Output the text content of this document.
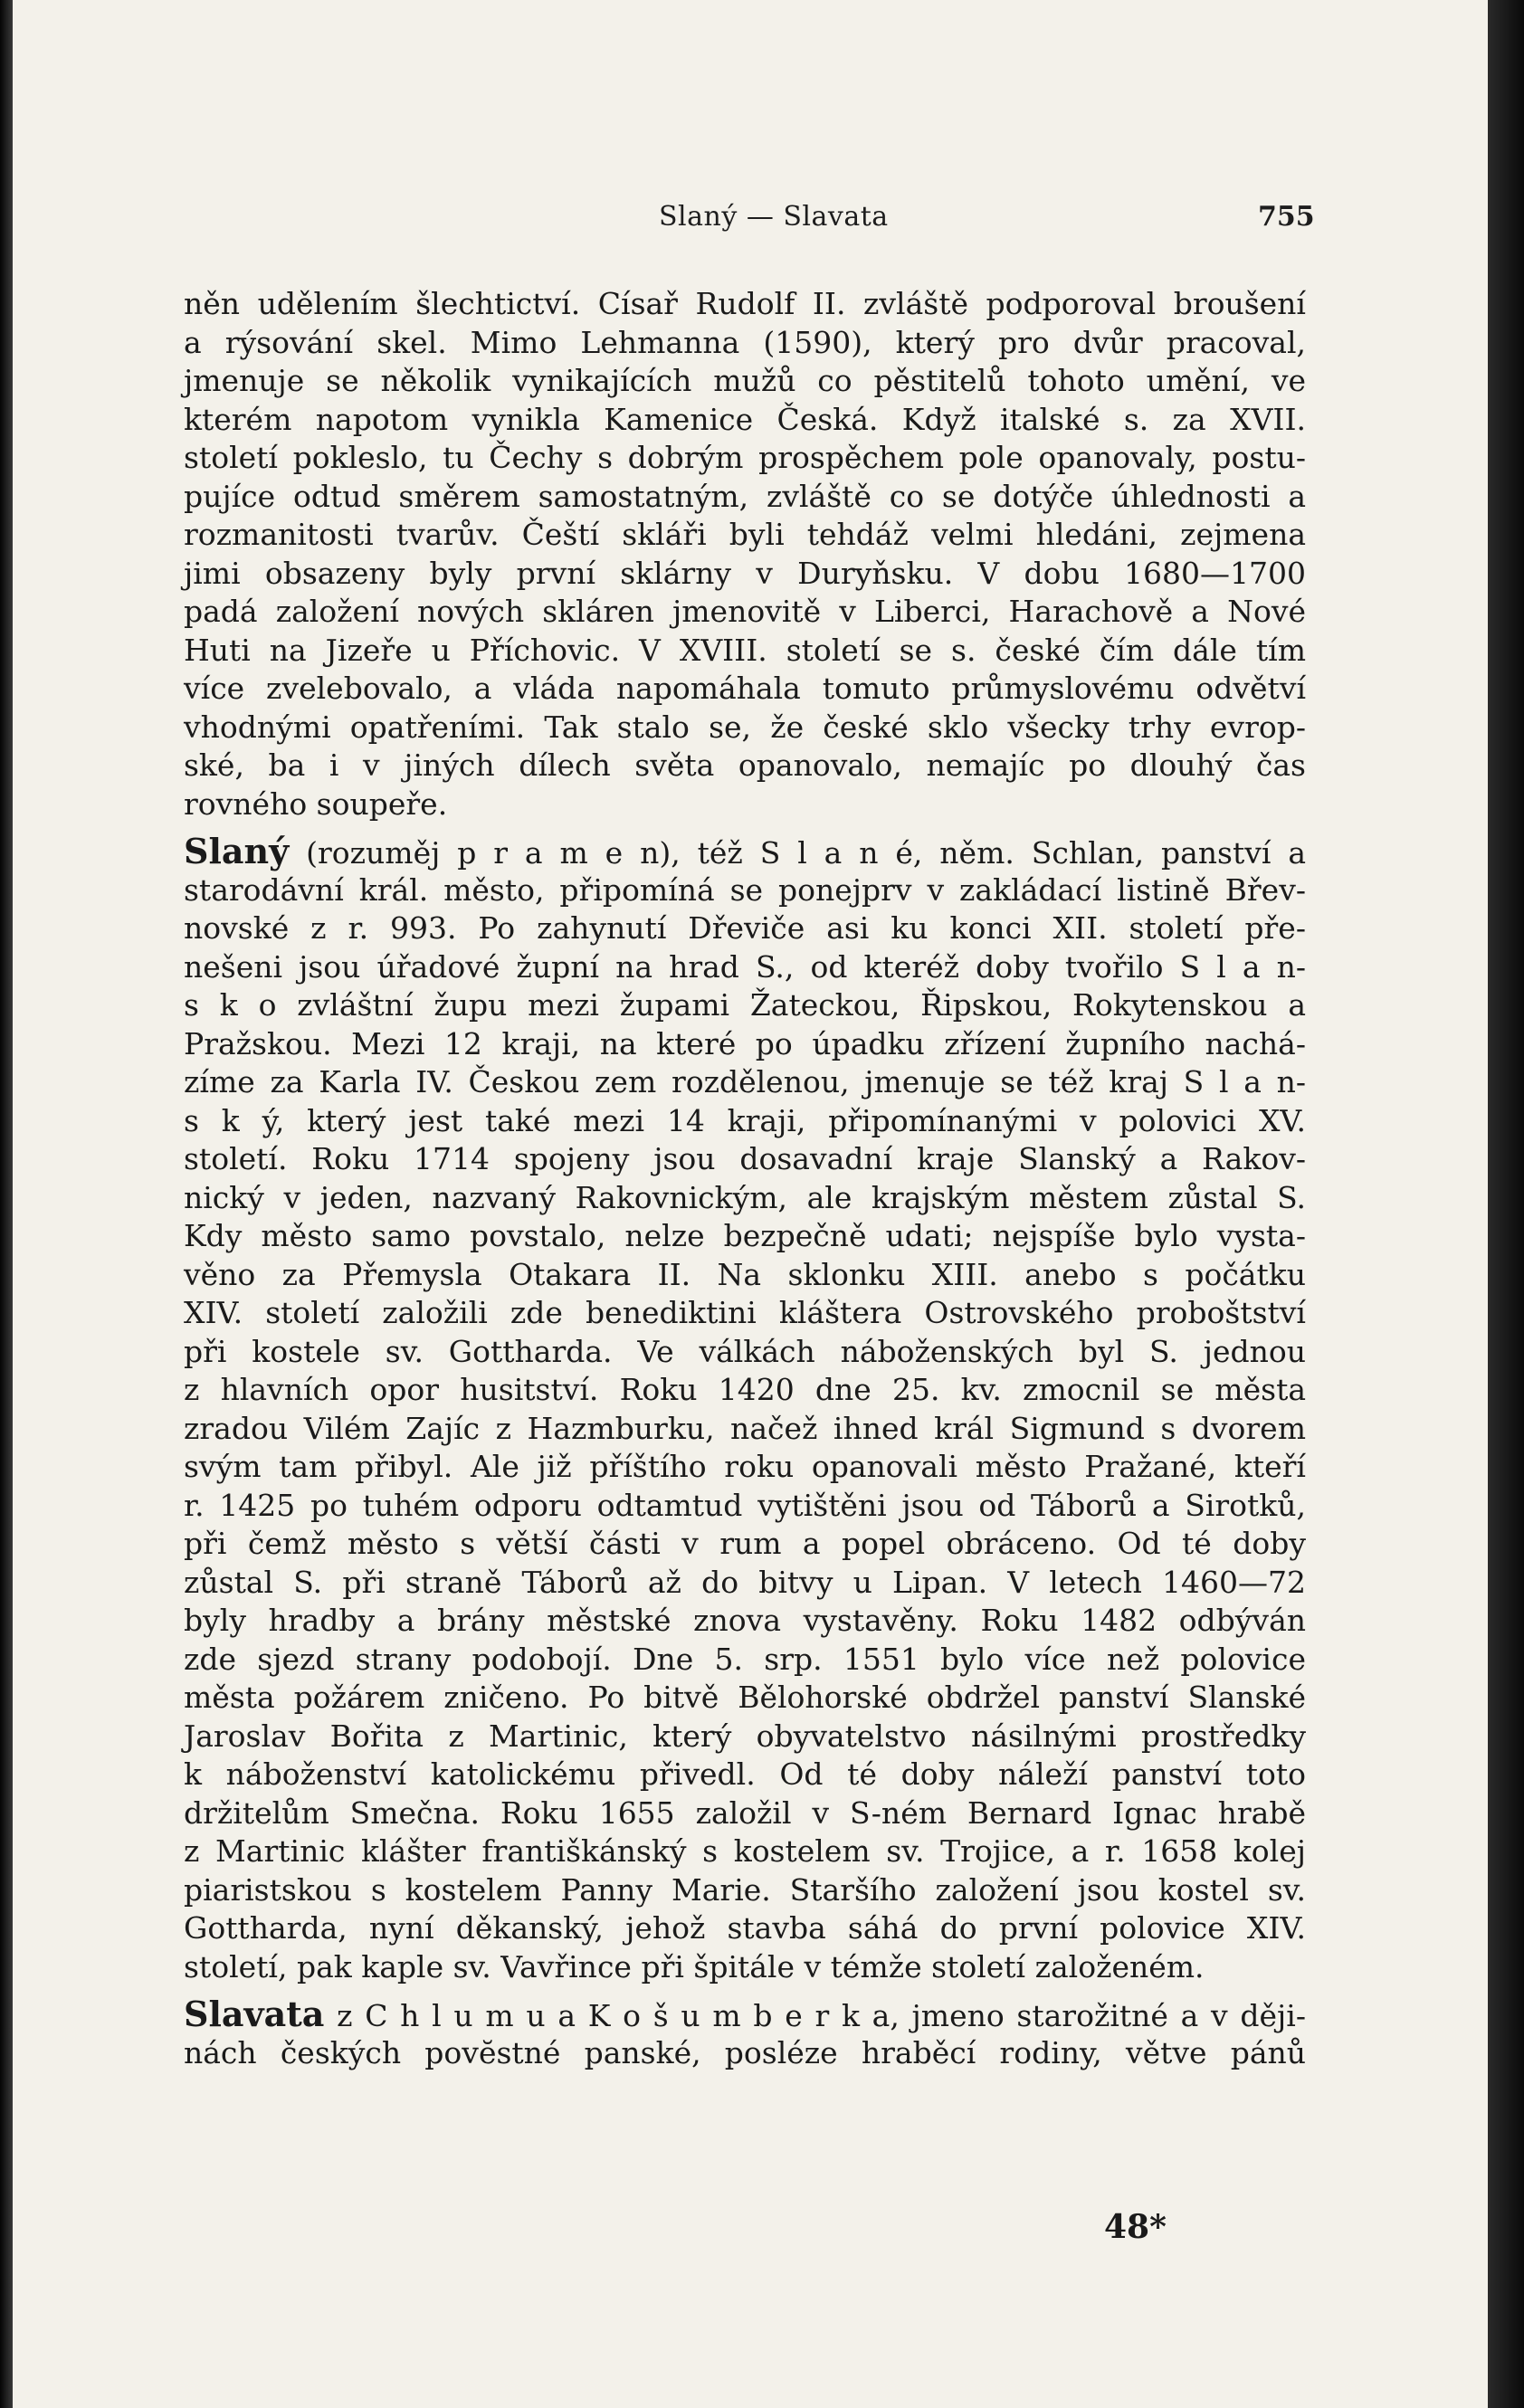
Slaný — Slavata	755
něn udělením šlechtictví. Císař Rudolf II. zvláště podporoval broušení
a rýsování skel. Mimo Lehmanna (1590), který pro dvůr pracoval,
jmenuje se několik vynikajících mužů co pěstitelů tohoto umění, ve
kterém napotom vynikla Kamenice Česká. Když italské s. za XVII.
století pokleslo, tu Čechy s dobrým prospěchem pole opanovaly, postu-
pujíce odtud směrem samostatným, zvláště co se dotýče úhlednosti a
rozmanitosti tvarův. Čeští skláři byli tehdáž velmi hledáni, zejmena
jimi obsazeny byly první sklárny v Duryňsku. V dobu 1680—1700
padá založení nových skláren jmenovitě v Liberci, Harachově a Nové
Huti na Jizeře u Příchovic. V XVIII. století se s. české čím dále tím
více zvelebovalo, a vláda napomáhala tomuto průmyslovému odvětví
vhodnými opatřeními. Tak stalo se, že české sklo všecky trhy evrop-
ské, ba i v jiných dílech světa opanovalo, nemajíc po dlouhý čas
rovného soupeře.
Slaný (rozuměj p r a m e n), též S l a n é, něm. Schlan, panství a
starodávní král. město, připomíná se ponejprv v zakládací listině Břev-
novské z r. 993. Po zahynutí Dřeviče asi ku konci XII. století pře-
nešeni jsou úřadové župní na hrad S., od kteréž doby tvořilo S l a n-
s k o zvláštní župu mezi župami Žateckou, Řipskou, Rokytenskou a
Pražskou. Mezi 12 kraji, na které po úpadku zřízení župního nachá-
zíme za Karla IV. Českou zem rozdělenou, jmenuje se též kraj S l a n-
s k ý, který jest také mezi 14 kraji, připomínanými v polovici XV.
století. Roku 1714 spojeny jsou dosavadní kraje Slanský a Rakov-
nický v jeden, nazvaný Rakovnickým, ale krajským městem zůstal S.
Kdy město samo povstalo, nelze bezpečně udati; nejspíše bylo vysta-
věno za Přemysla Otakara II. Na sklonku XIII. anebo s počátku
XIV. století založili zde benediktini kláštera Ostrovského proboštství
při kostele sv. Gotthardа. Ve válkách náboženských byl S. jednou
z hlavních opor husitství. Roku 1420 dne 25. kv. zmocnil se města
zradou Vilém Zajíc z Hazmburku, načež ihned král Sigmund s dvorem
svým tam přibyl. Ale již příštího roku opanovali město Pražané, kteří
r. 1425 po tuhém odporu odtamtud vytištěni jsou od Táborů a Sirotků,
při čemž město s větší části v rum a popel obráceno. Od té doby
zůstal S. při straně Táborů až do bitvy u Lipan. V letech 1460—72
byly hradby a brány městské znova vystavěny. Roku 1482 odbýván
zde sjezd strany podobojí. Dne 5. srp. 1551 bylo více než polovice
města požárem zničeno. Po bitvě Bělohorské obdržel panství Slanské
Jaroslav Bořita z Martinic, který obyvatelstvo násilnými prostředky
k náboženství katolickému přivedl. Od té doby náleží panství toto
držitelům Smečna. Roku 1655 založil v S-ném Bernard Ignac hrabě
z Martinic klášter františkánský s kostelem sv. Trojice, a r. 1658 kolej
piaristskou s kostelem Panny Marie. Staršího založení jsou kostel sv.
Gotthardа, nyní děkanský, jehož stavba sáhá do první polovice XIV.
století, pak kaple sv. Vavřince při špitále v témže století založeném.
Slavata z C h l u m u a K o š u m b e r k a, jmeno starožitné a v ději-
nách českých povĕstné panské, posléze hraběcí rodiny, větve pánů
48*
